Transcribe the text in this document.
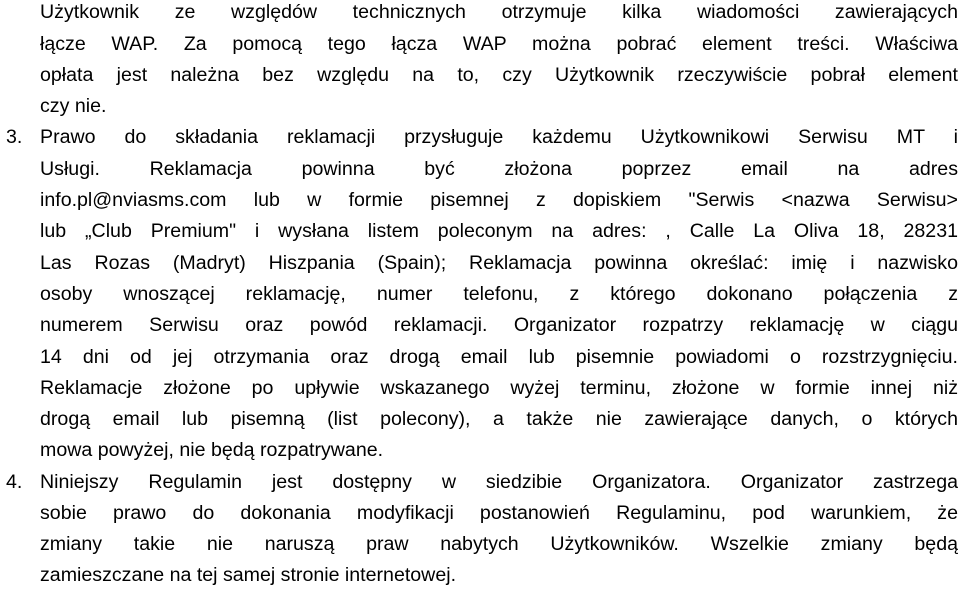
Użytkownik ze względów technicznych otrzymuje kilka wiadomości zawierających
łącze WAP. Za pomocą tego łącza WAP można pobrać element treści. Właściwa
opłata jest należna bez względu na to, czy Użytkownik rzeczywiście pobrał element
czy nie.
3. Prawo do składania reklamacji przysługuje każdemu Użytkownikowi Serwisu MT i
Usługi. Reklamacja powinna być złożona poprzez email na adres
info.pl@nviasms.com lub w formie pisemnej z dopiskiem "Serwis <nazwa Serwisu>
lub „Club Premium" i wysłana listem poleconym na adres: , Calle La Oliva 18, 28231
Las Rozas (Madryt) Hiszpania (Spain); Reklamacja powinna określać: imię i nazwisko
osoby wnoszącej reklamację, numer telefonu, z którego dokonano połączenia z
numerem Serwisu oraz powód reklamacji. Organizator rozpatrzy reklamację w ciągu
14 dni od jej otrzymania oraz drogą email lub pisemnie powiadomi o rozstrzygnięciu.
Reklamacje złożone po upływie wskazanego wyżej terminu, złożone w formie innej niż
drogą email lub pisemną (list polecony), a także nie zawierające danych, o których
mowa powyżej, nie będą rozpatrywane.
4. Niniejszy Regulamin jest dostępny w siedzibie Organizatora. Organizator zastrzega
sobie prawo do dokonania modyfikacji postanowień Regulaminu, pod warunkiem, że
zmiany takie nie naruszą praw nabytych Użytkowników. Wszelkie zmiany będą
zamieszczane na tej samej stronie internetowej.
